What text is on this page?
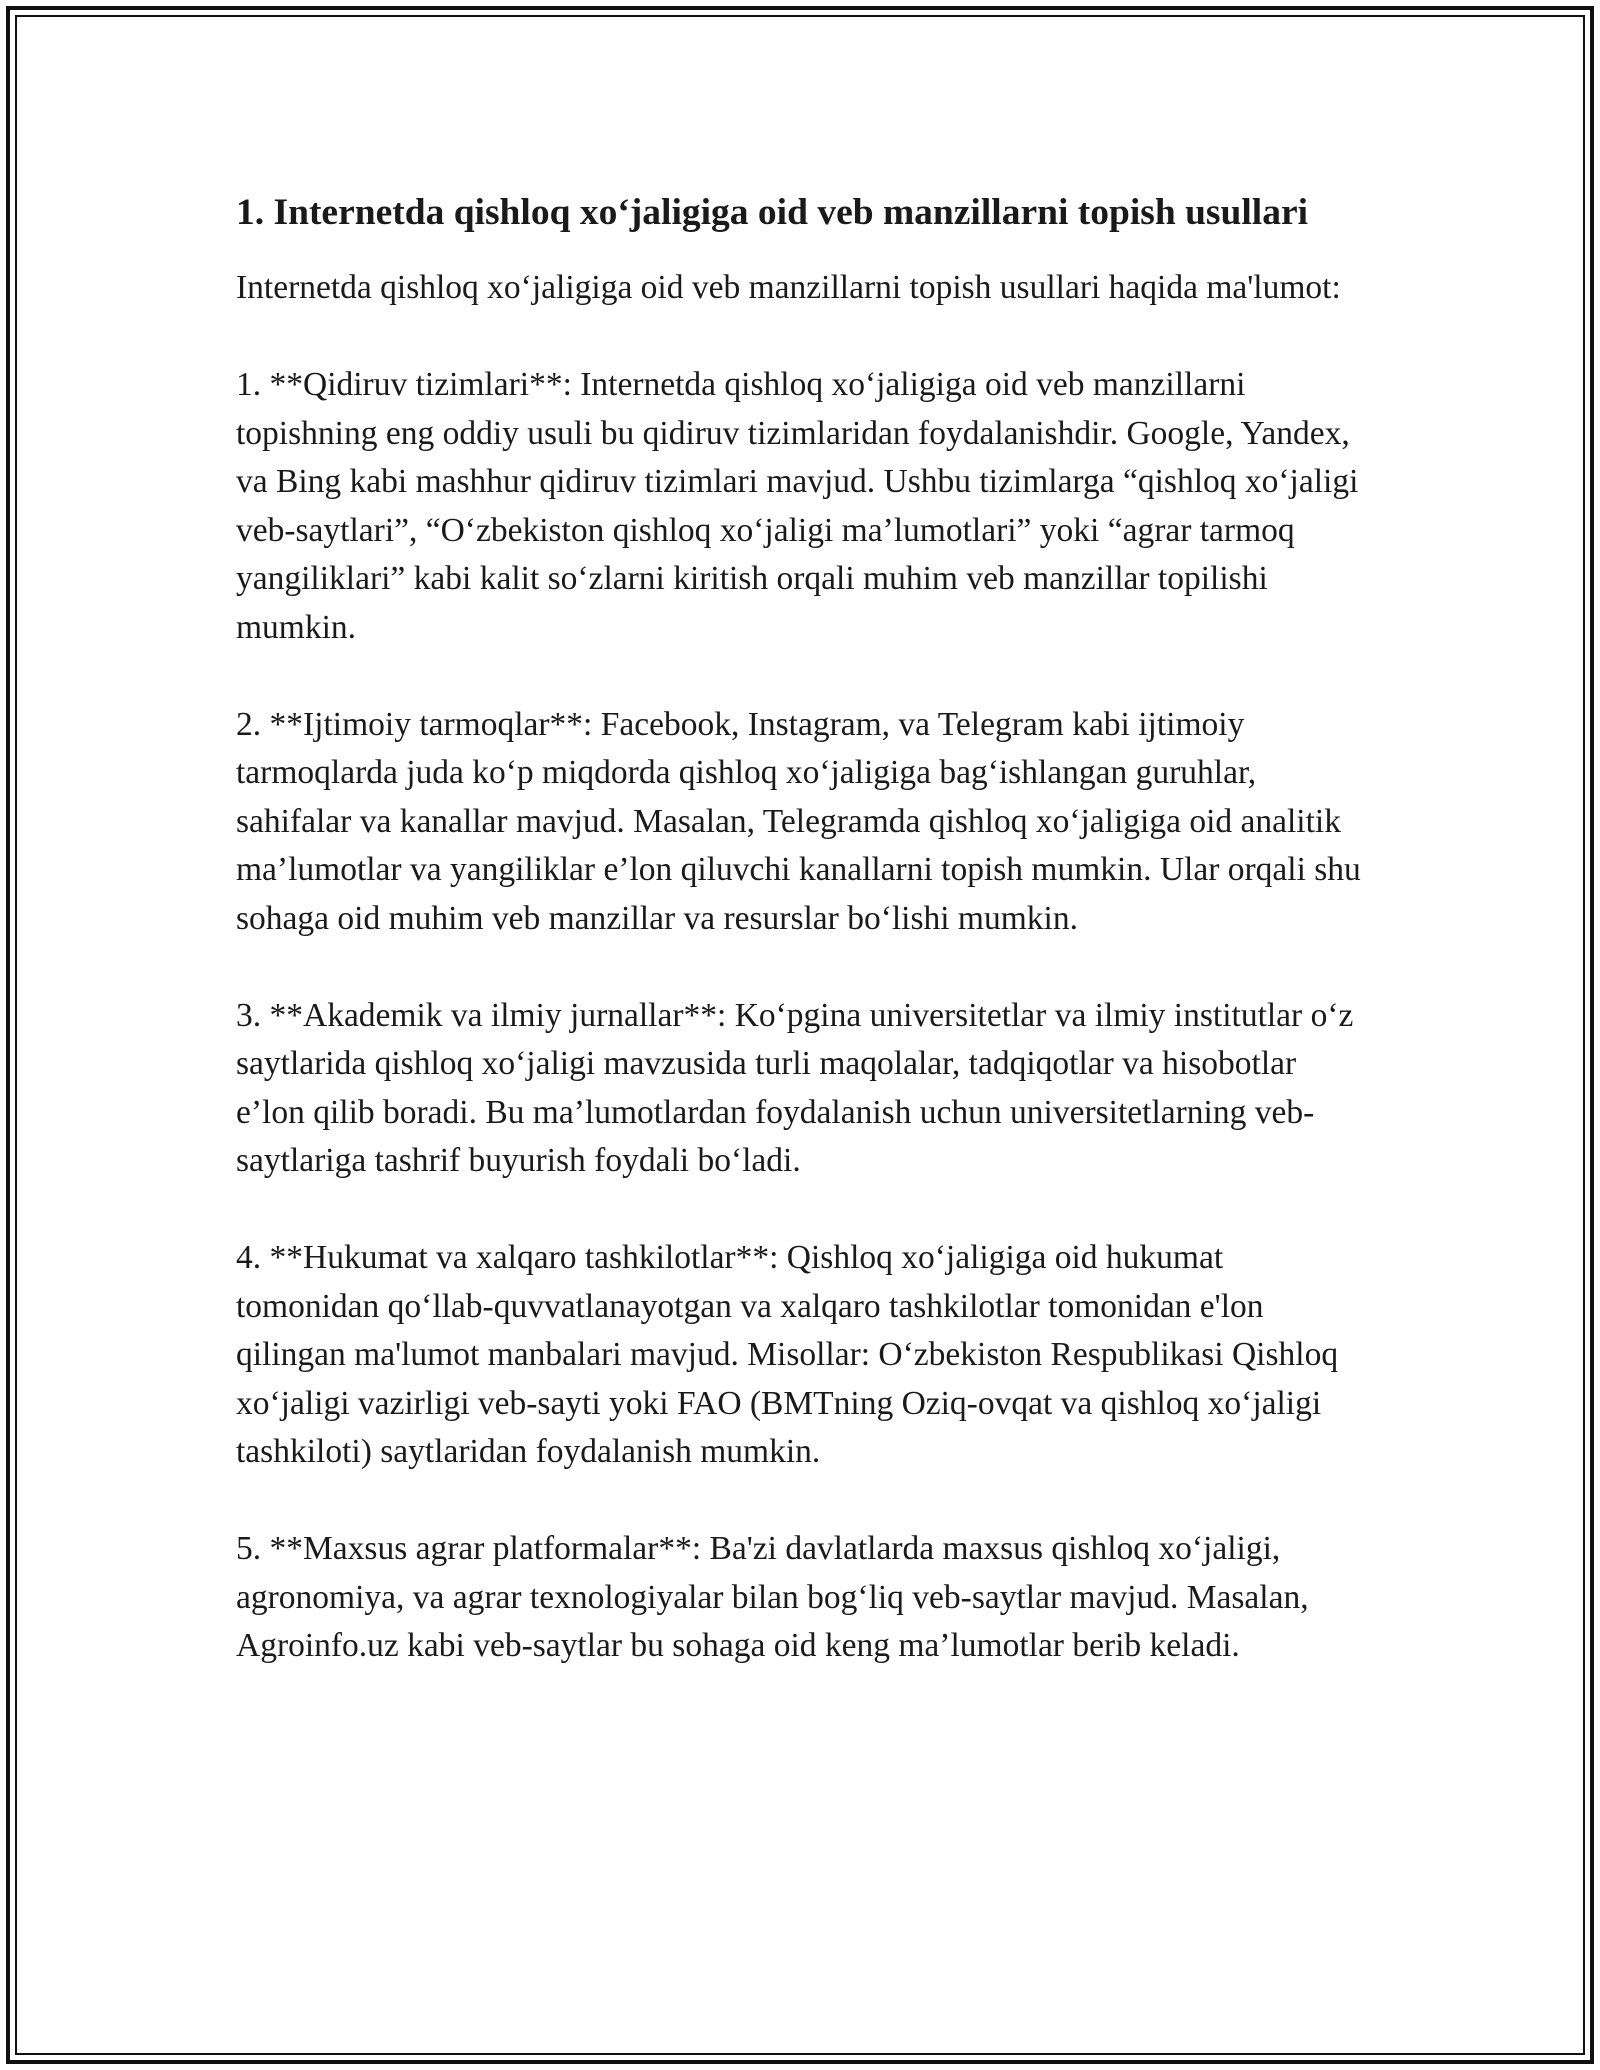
1. Internetda qishloq xo‘jaligiga oid veb manzillarni topish usullari

Internetda qishloq xo‘jaligiga oid veb manzillarni topish usullari haqida ma'lumot:

1. **Qidiruv tizimlari**: Internetda qishloq xo‘jaligiga oid veb manzillarni topishning eng oddiy usuli bu qidiruv tizimlaridan foydalanishdir. Google, Yandex, va Bing kabi mashhur qidiruv tizimlari mavjud. Ushbu tizimlarga “qishloq xo‘jaligi veb-saytlari”, “O‘zbekiston qishloq xo‘jaligi ma’lumotlari” yoki “agrar tarmoq yangiliklari” kabi kalit so‘zlarni kiritish orqali muhim veb manzillar topilishi mumkin.

2. **Ijtimoiy tarmoqlar**: Facebook, Instagram, va Telegram kabi ijtimoiy tarmoqlarda juda ko‘p miqdorda qishloq xo‘jaligiga bag‘ishlangan guruhlar, sahifalar va kanallar mavjud. Masalan, Telegramda qishloq xo‘jaligiga oid analitik ma’lumotlar va yangiliklar e’lon qiluvchi kanallarni topish mumkin. Ular orqali shu sohaga oid muhim veb manzillar va resurslar bo‘lishi mumkin.

3. **Akademik va ilmiy jurnallar**: Ko‘pgina universitetlar va ilmiy institutlar o‘z saytlarida qishloq xo‘jaligi mavzusida turli maqolalar, tadqiqotlar va hisobotlar e’lon qilib boradi. Bu ma’lumotlardan foydalanish uchun universitetlarning veb-saytlariga tashrif buyurish foydali bo‘ladi.

4. **Hukumat va xalqaro tashkilotlar**: Qishloq xo‘jaligiga oid hukumat tomonidan qo‘llab-quvvatlanayotgan va xalqaro tashkilotlar tomonidan e'lon qilingan ma'lumot manbalari mavjud. Misollar: O‘zbekiston Respublikasi Qishloq xo‘jaligi vazirligi veb-sayti yoki FAO (BMTning Oziq-ovqat va qishloq xo‘jaligi tashkiloti) saytlaridan foydalanish mumkin.

5. **Maxsus agrar platformalar**: Ba'zi davlatlarda maxsus qishloq xo‘jaligi, agronomiya, va agrar texnologiyalar bilan bog‘liq veb-saytlar mavjud. Masalan, Agroinfo.uz kabi veb-saytlar bu sohaga oid keng ma’lumotlar berib keladi.
